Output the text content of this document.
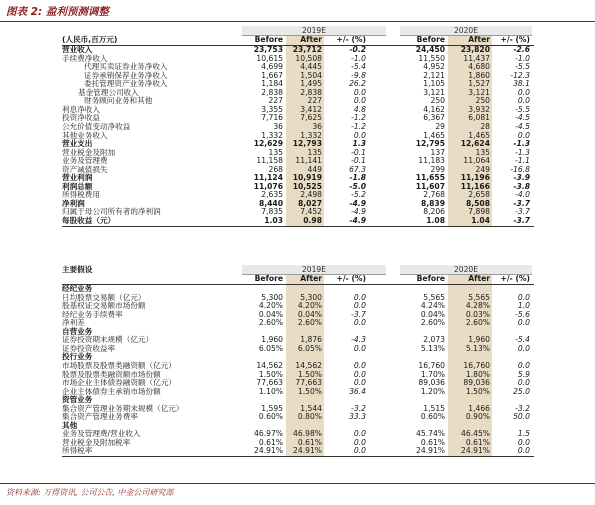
图表 2: 盈利预测调整
2019E	2020E
Before	After	+/- (%)	Before	After	+/- (%)
(人民币,百万元)
营业收入	23,753	23,712	-0.2	24,450	23,820	-2.6
手续费净收入	10,615	10,508	-1.0	11,550	11,437	-1.0
代理买卖证券业务净收入	4,699	4,445	-5.4	4,952	4,680	-5.5
证券承销保荐业务净收入	1,667	1,504	-9.8	2,121	1,860	-12.3
委托管理资产业务净收入	1,184	1,495	26.2	1,105	1,527	38.1
基金管理公司收入	2,838	2,838	0.0	3,121	3,121	0.0
财务顾问业务和其他	227	227	0.0	250	250	0.0
利息净收入	3,355	3,412	4.8	4,162	3,932	-5.5
投资净收益	7,716	7,625	-1.2	6,367	6,081	-4.5
公允价值变动净收益	36	36	-1.2	29	28	-4.5
其他业务收入	1,332	1,332	0.0	1,465	1,465	0.0
营业支出	12,629	12,793	1.3	12,795	12,624	-1.3
营业税金及附加	135	135	-0.1	137	135	-1.3
业务及管理费	11,158	11,141	-0.1	11,183	11,064	-1.1
资产减值损失	268	449	67.3	299	249	-16.8
营业利润	11,124	10,919	-1.8	11,655	11,196	-3.9
利润总额	11,076	10,525	-5.0	11,607	11,166	-3.8
所得税费用	2,635	2,498	-5.2	2,768	2,658	-4.0
净利润	8,440	8,027	-4.9	8,839	8,508	-3.7
归属于母公司所有者的净利润	7,835	7,452	-4.9	8,206	7,898	-3.7
每股收益（元）	1.03	0.98	-4.9	1.08	1.04	-3.7
2019E	2020E
Before	After	+/- (%)	Before	After	+/- (%)
主要假设
经纪业务
日均股票交易额（亿元）	5,300	5,300	0.0	5,565	5,565	0.0
股基权证交易额市场份额	4.20%	4.20%	0.0	4.24%	4.28%	1.0
经纪业务手续费率	0.04%	0.04%	-3.7	0.04%	0.03%	-5.6
净利差	2.60%	2.60%	0.0	2.60%	2.60%	0.0
自营业务
证券投资期末规模（亿元）	1,960	1,876	-4.3	2,073	1,960	-5.4
证券投资收益率	6.05%	6.05%	0.0	5.13%	5.13%	0.0
投行业务
市场股票及股票类融资额（亿元）	14,562	14,562	0.0	16,760	16,760	0.0
股票及股票类融资额市场份额	1.50%	1.50%	0.0	1.70%	1.80%	5.9
市场企业主体债券融资额（亿元）	77,663	77,663	0.0	89,036	89,036	0.0
企业主体债券主承销市场份额	1.10%	1.50%	36.4	1.20%	1.50%	25.0
资管业务
集合资产管理业务期末规模（亿元）	1,595	1,544	-3.2	1,515	1,466	-3.2
集合资产管理业务费率	0.60%	0.80%	33.3	0.60%	0.90%	50.0
其他
业务及管理费/营业收入	46.97%	46.98%	0.0	45.74%	46.45%	1.5
营业税金及附加税率	0.61%	0.61%	0.0	0.61%	0.61%	0.0
所得税率	24.91%	24.91%	0.0	24.91%	24.91%	0.0
资料来源: 万得资讯, 公司公告, 中金公司研究部
